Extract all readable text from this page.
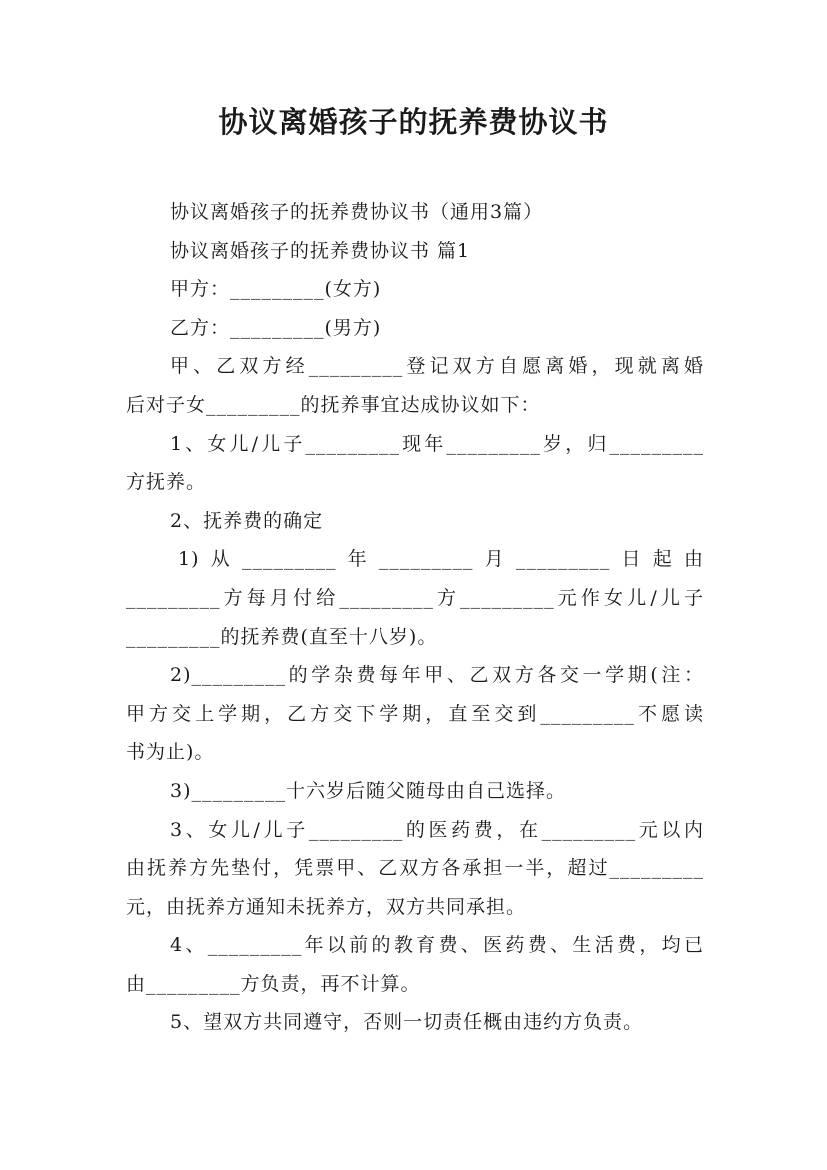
协议离婚孩子的抚养费协议书
协议离婚孩子的抚养费协议书（通用3篇）
协议离婚孩子的抚养费协议书 篇1
甲方：_________(女方)
乙方：_________(男方)
甲、乙双方经_________登记双方自愿离婚，现就离婚
后对子女_________的抚养事宜达成协议如下：
1、女儿/儿子_________现年_________岁，归_________
方抚养。
2、抚养费的确定
1)从_________年_________月_________日起由
_________方每月付给_________方_________元作女儿/儿子
_________的抚养费(直至十八岁)。
2)_________的学杂费每年甲、乙双方各交一学期(注：
甲方交上学期，乙方交下学期，直至交到_________不愿读
书为止)。
3)_________十六岁后随父随母由自己选择。
3、女儿/儿子_________的医药费，在_________元以内
由抚养方先垫付，凭票甲、乙双方各承担一半，超过_________
元，由抚养方通知未抚养方，双方共同承担。
4、_________年以前的教育费、医药费、生活费，均已
由_________方负责，再不计算。
5、望双方共同遵守，否则一切责任概由违约方负责。
